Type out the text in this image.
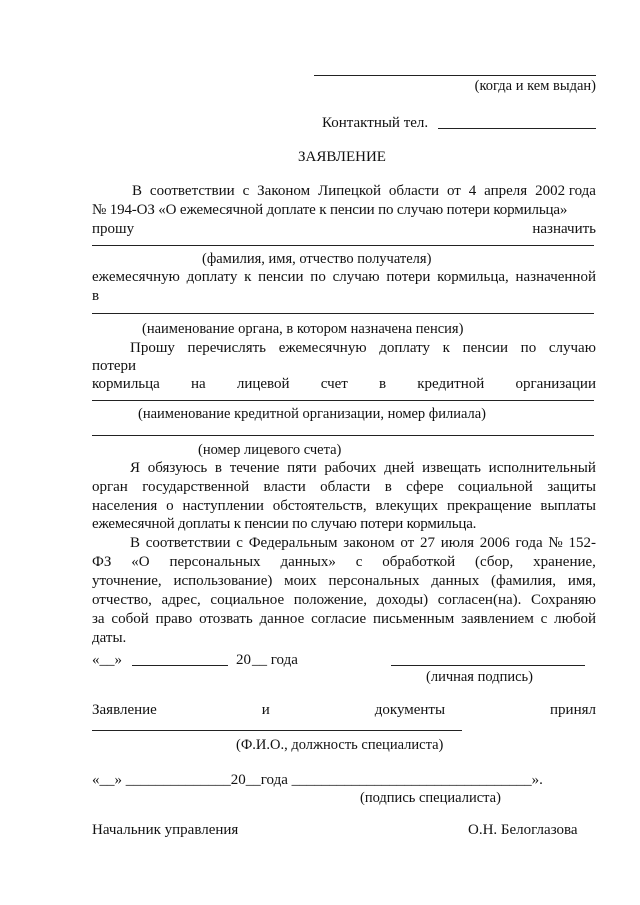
(когда и кем выдан)
Контактный тел.
ЗАЯВЛЕНИЕ
В соответствии с Законом Липецкой области от 4 апреля 2002 года
№ 194-ОЗ «О ежемесячной доплате к пенсии по случаю потери кормильца»
прошу	назначить
(фамилия, имя, отчество получателя)
ежемесячную доплату к пенсии по случаю потери кормильца, назначенной
в
(наименование органа, в котором назначена пенсия)
Прошу перечислять ежемесячную доплату к пенсии по случаю
потери
кормильца на лицевой счет в кредитной организации
(наименование кредитной организации, номер филиала)
(номер лицевого счета)
Я обязуюсь в течение пяти рабочих дней извещать исполнительный
орган государственной власти области в сфере социальной защиты
населения о наступлении обстоятельств, влекущих прекращение выплаты
ежемесячной доплаты к пенсии по случаю потери кормильца.
В соответствии с Федеральным законом от 27 июля 2006 года № 152-
ФЗ «О персональных данных» с обработкой (сбор, хранение,
уточнение, использование) моих персональных данных (фамилия, имя,
отчество, адрес, социальное положение, доходы) согласен(на). Сохраняю
за собой право отозвать данное согласие письменным заявлением с любой
даты.
«__»	20 __ года
(личная подпись)
Заявление	и	документы	принял
(Ф.И.О., должность специалиста)
«__» ______________20__года ________________________________».
(подпись специалиста)
Начальник управления	О.Н. Белоглазова
